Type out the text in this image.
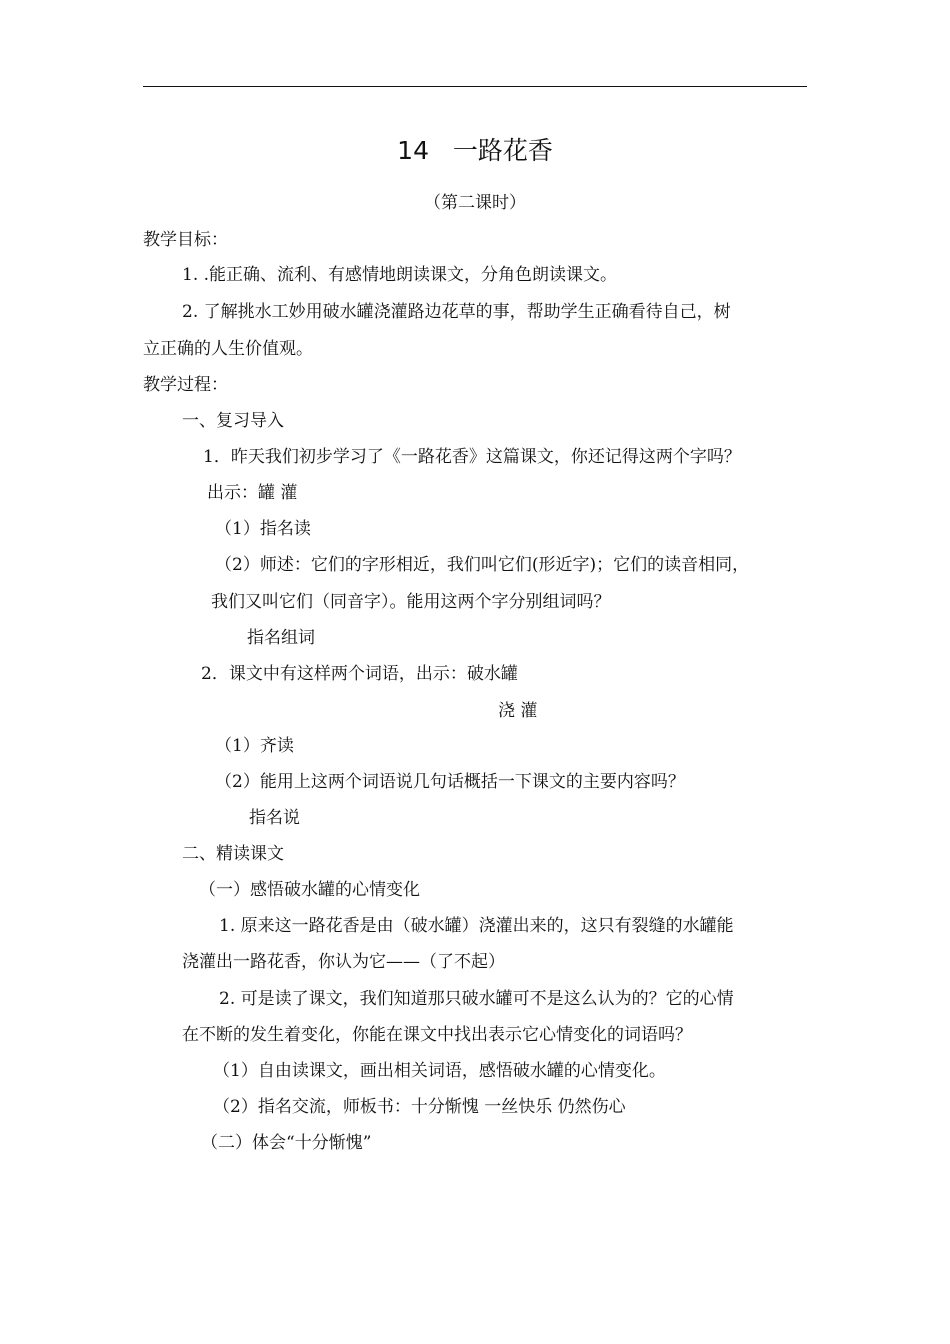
14   一路花香
（第二课时）
教学目标：
1. .能正确、流利、有感情地朗读课文，分角色朗读课文。
2. 了解挑水工妙用破水罐浇灌路边花草的事，帮助学生正确看待自己，树
立正确的人生价值观。
教学过程：
一、复习导入
1．昨天我们初步学习了《一路花香》这篇课文，你还记得这两个字吗？
出示：罐 灌
（1）指名读
（2）师述：它们的字形相近，我们叫它们(形近字)；它们的读音相同，
我们又叫它们（同音字）。能用这两个字分别组词吗？
指名组词
2．课文中有这样两个词语，出示：破水罐
浇 灌
（1）齐读
（2）能用上这两个词语说几句话概括一下课文的主要内容吗？
指名说
二、精读课文
（一）感悟破水罐的心情变化
1. 原来这一路花香是由（破水罐）浇灌出来的，这只有裂缝的水罐能
浇灌出一路花香，你认为它——（了不起）
2. 可是读了课文，我们知道那只破水罐可不是这么认为的？它的心情
在不断的发生着变化，你能在课文中找出表示它心情变化的词语吗？
（1）自由读课文，画出相关词语，感悟破水罐的心情变化。
（2）指名交流，师板书：十分惭愧 一丝快乐 仍然伤心
（二）体会“十分惭愧”
